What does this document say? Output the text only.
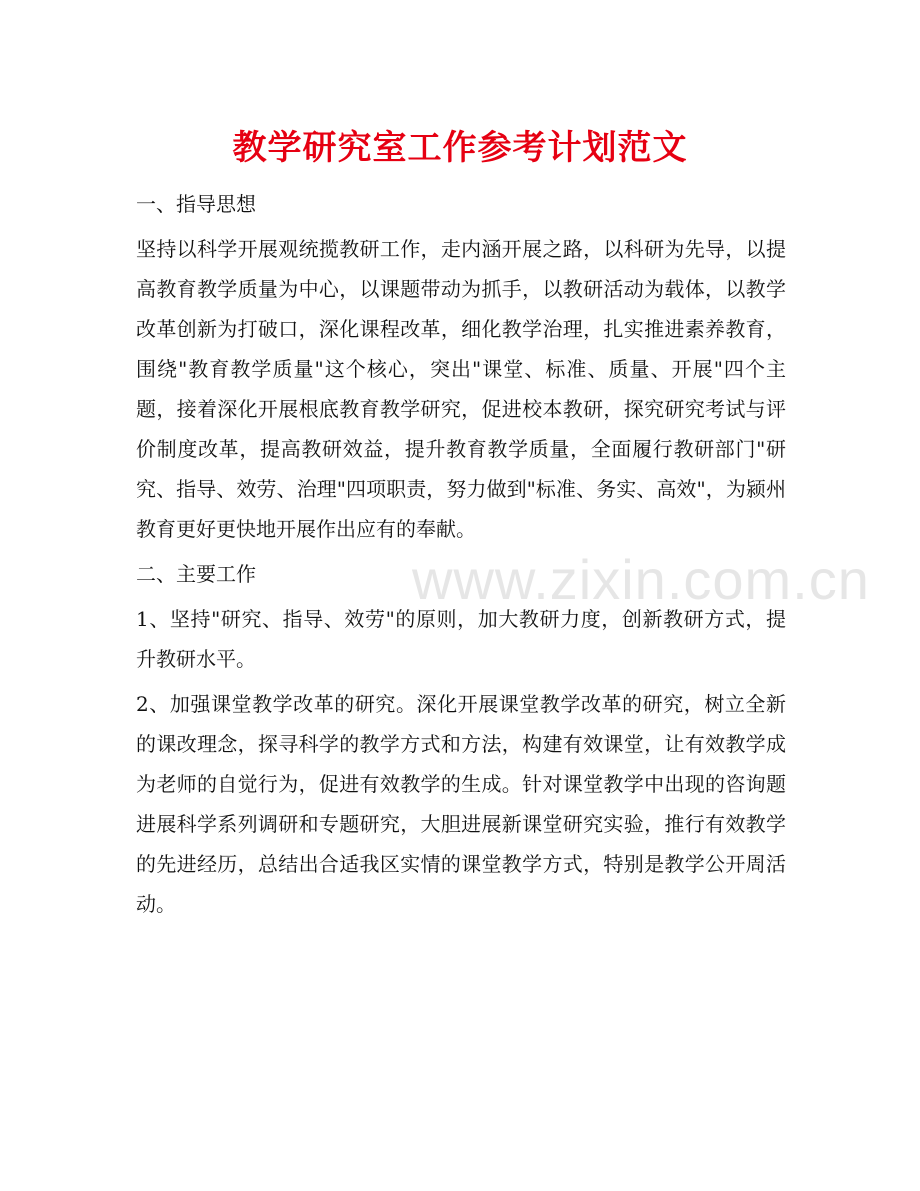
教学研究室工作参考计划范文

一、指导思想

坚持以科学开展观统揽教研工作，走内涵开展之路，以科研为先导，以提高教育教学质量为中心，以课题带动为抓手，以教研活动为载体，以教学改革创新为打破口，深化课程改革，细化教学治理，扎实推进素养教育，围绕"教育教学质量"这个核心，突出"课堂、标准、质量、开展"四个主题，接着深化开展根底教育教学研究，促进校本教研，探究研究考试与评价制度改革，提高教研效益，提升教育教学质量，全面履行教研部门"研究、指导、效劳、治理"四项职责，努力做到"标准、务实、高效"，为颍州教育更好更快地开展作出应有的奉献。

二、主要工作

1、坚持"研究、指导、效劳"的原则，加大教研力度，创新教研方式，提升教研水平。

2、加强课堂教学改革的研究。深化开展课堂教学改革的研究，树立全新的课改理念，探寻科学的教学方式和方法，构建有效课堂，让有效教学成为老师的自觉行为，促进有效教学的生成。针对课堂教学中出现的咨询题进展科学系列调研和专题研究，大胆进展新课堂研究实验，推行有效教学的先进经历，总结出合适我区实情的课堂教学方式，特别是教学公开周活动。

www.zixin.com.cn
